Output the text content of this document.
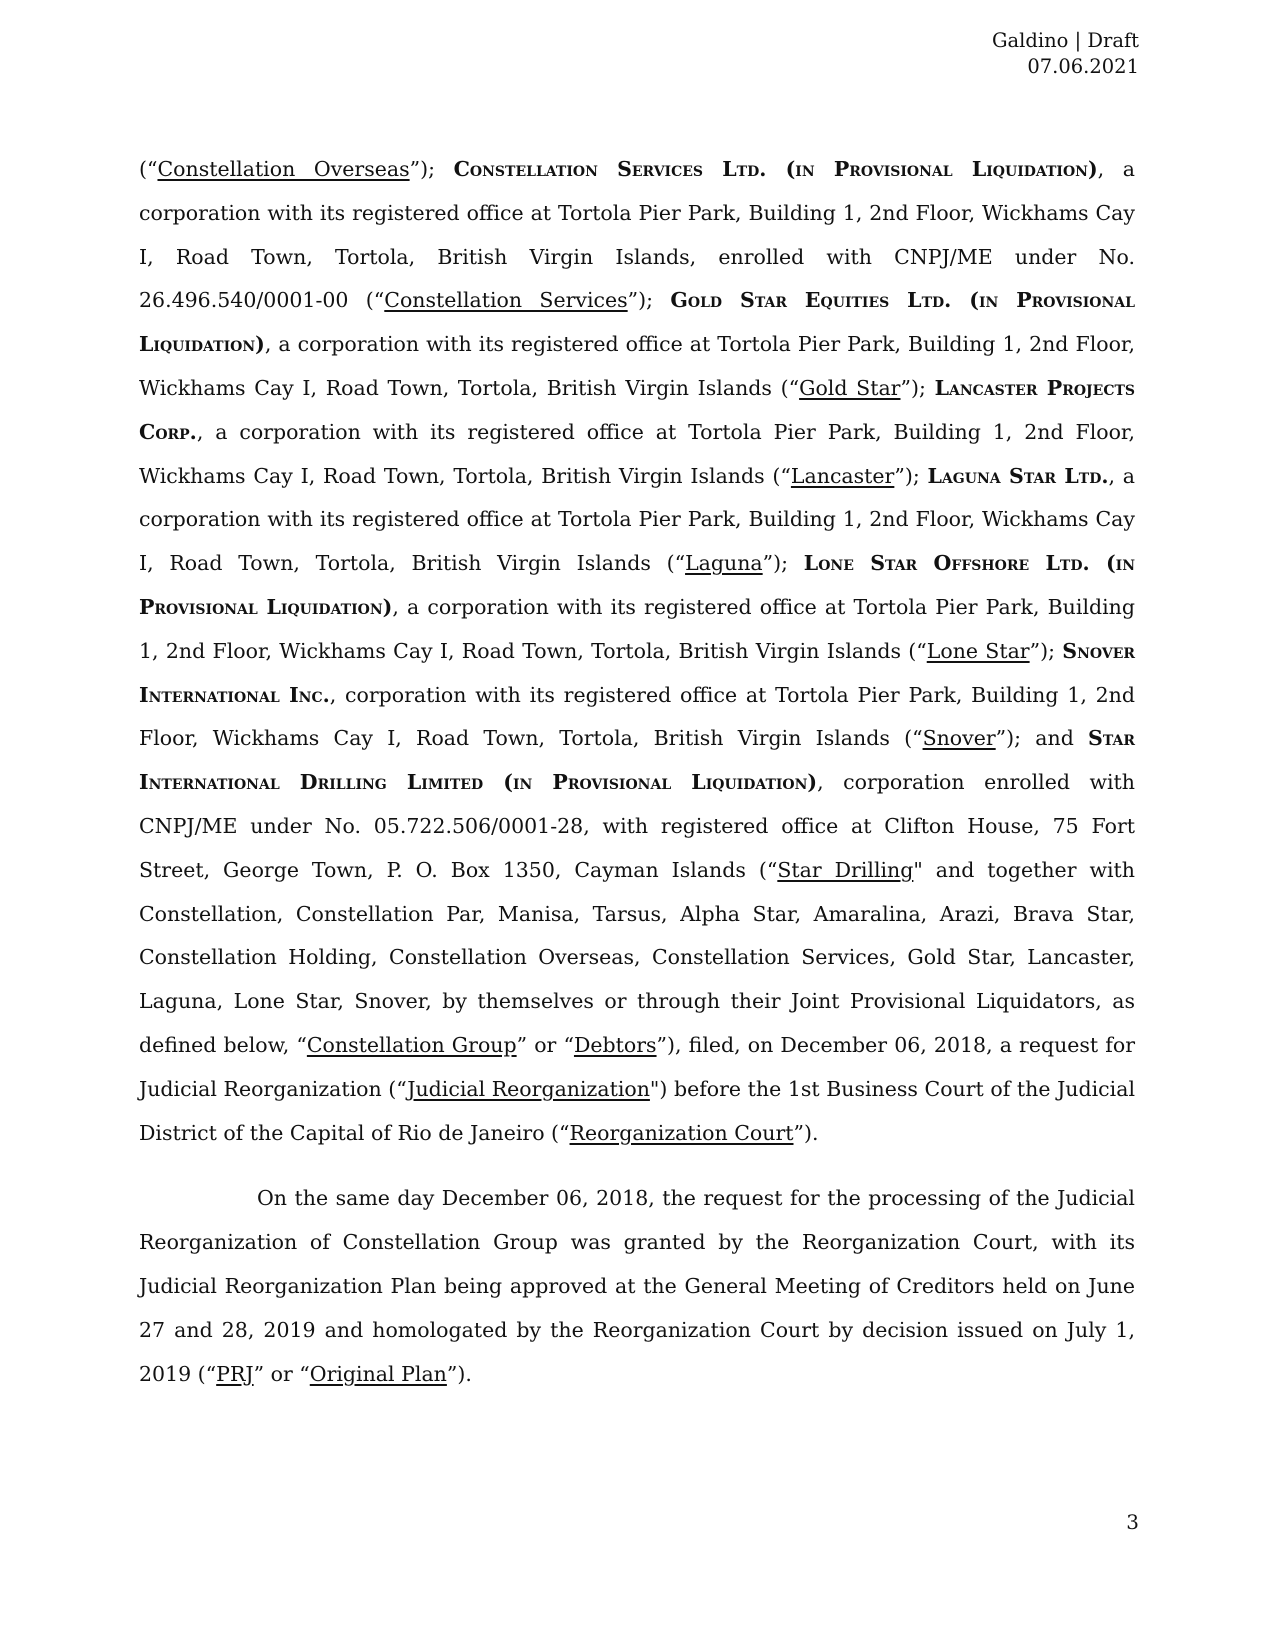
Galdino | Draft
07.06.2021

(“Constellation Overseas”); Constellation Services Ltd. (in Provisional Liquidation), a corporation with its registered office at Tortola Pier Park, Building 1, 2nd Floor, Wickhams Cay I, Road Town, Tortola, British Virgin Islands, enrolled with CNPJ/ME under No. 26.496.540/0001-00 (“Constellation Services”); Gold Star Equities Ltd. (in Provisional Liquidation), a corporation with its registered office at Tortola Pier Park, Building 1, 2nd Floor, Wickhams Cay I, Road Town, Tortola, British Virgin Islands (“Gold Star”); Lancaster Projects Corp., a corporation with its registered office at Tortola Pier Park, Building 1, 2nd Floor, Wickhams Cay I, Road Town, Tortola, British Virgin Islands (“Lancaster”); Laguna Star Ltd., a corporation with its registered office at Tortola Pier Park, Building 1, 2nd Floor, Wickhams Cay I, Road Town, Tortola, British Virgin Islands (“Laguna”); Lone Star Offshore Ltd. (in Provisional Liquidation), a corporation with its registered office at Tortola Pier Park, Building 1, 2nd Floor, Wickhams Cay I, Road Town, Tortola, British Virgin Islands (“Lone Star”); Snover International Inc., corporation with its registered office at Tortola Pier Park, Building 1, 2nd Floor, Wickhams Cay I, Road Town, Tortola, British Virgin Islands (“Snover”); and Star International Drilling Limited (in Provisional Liquidation), corporation enrolled with CNPJ/ME under No. 05.722.506/0001-28, with registered office at Clifton House, 75 Fort Street, George Town, P. O. Box 1350, Cayman Islands (“Star Drilling" and together with Constellation, Constellation Par, Manisa, Tarsus, Alpha Star, Amaralina, Arazi, Brava Star, Constellation Holding, Constellation Overseas, Constellation Services, Gold Star, Lancaster, Laguna, Lone Star, Snover, by themselves or through their Joint Provisional Liquidators, as defined below, “Constellation Group” or “Debtors”), filed, on December 06, 2018, a request for Judicial Reorganization (“Judicial Reorganization") before the 1st Business Court of the Judicial District of the Capital of Rio de Janeiro (“Reorganization Court”).

On the same day December 06, 2018, the request for the processing of the Judicial Reorganization of Constellation Group was granted by the Reorganization Court, with its Judicial Reorganization Plan being approved at the General Meeting of Creditors held on June 27 and 28, 2019 and homologated by the Reorganization Court by decision issued on July 1, 2019 (“PRJ” or “Original Plan”).

3
